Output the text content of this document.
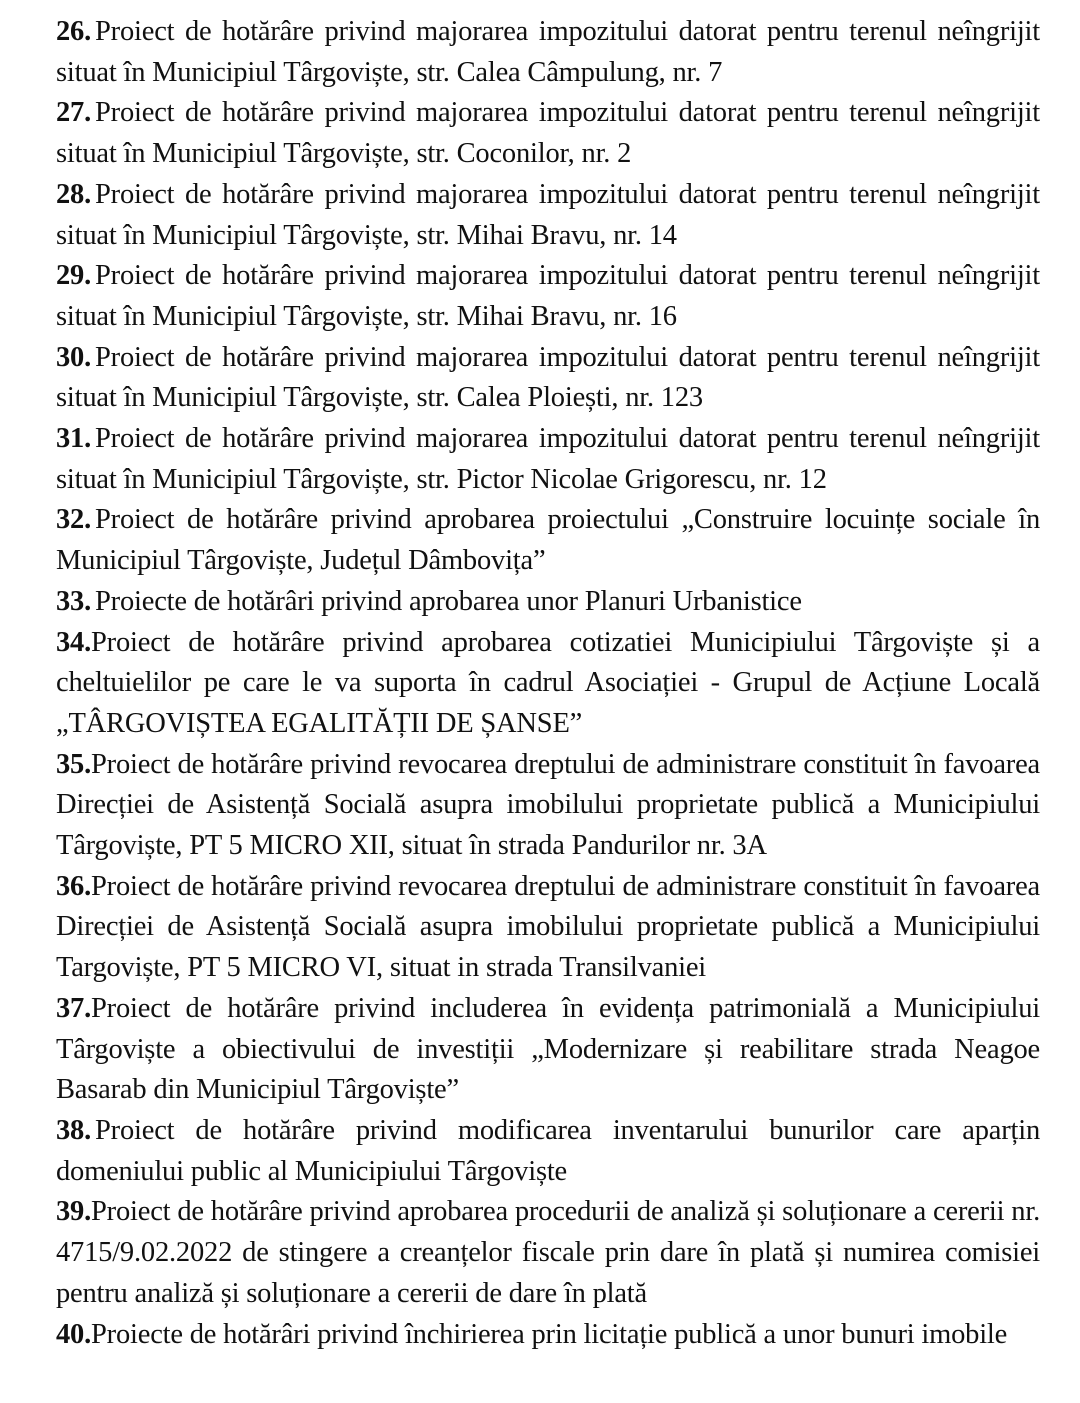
26. Proiect de hotărâre privind majorarea impozitului datorat pentru terenul neîngrijit situat în Municipiul Târgoviște, str. Calea Câmpulung, nr. 7

27. Proiect de hotărâre privind majorarea impozitului datorat pentru terenul neîngrijit situat în Municipiul Târgoviște, str. Coconilor, nr. 2

28. Proiect de hotărâre privind majorarea impozitului datorat pentru terenul neîngrijit situat în Municipiul Târgoviște, str. Mihai Bravu, nr. 14

29. Proiect de hotărâre privind majorarea impozitului datorat pentru terenul neîngrijit situat în Municipiul Târgoviște, str. Mihai Bravu, nr. 16

30. Proiect de hotărâre privind majorarea impozitului datorat pentru terenul neîngrijit situat în Municipiul Târgoviște, str. Calea Ploiești, nr. 123

31. Proiect de hotărâre privind majorarea impozitului datorat pentru terenul neîngrijit situat în Municipiul Târgoviște, str. Pictor Nicolae Grigorescu, nr. 12

32. Proiect de hotărâre privind aprobarea proiectului „Construire locuințe sociale în Municipiul Târgoviște, Județul Dâmbovița”

33. Proiecte de hotărâri privind aprobarea unor Planuri Urbanistice

34.Proiect de hotărâre privind aprobarea cotizatiei Municipiului Târgoviște și a cheltuielilor pe care le va suporta în cadrul Asociației - Grupul de Acțiune Locală „TÂRGOVIȘTEA EGALITĂȚII DE ȘANSE”

35.Proiect de hotărâre privind revocarea dreptului de administrare constituit în favoarea Direcției de Asistență Socială asupra imobilului proprietate publică a Municipiului Târgoviște, PT 5 MICRO XII, situat în strada Pandurilor nr. 3A

36.Proiect de hotărâre privind revocarea dreptului de administrare constituit în favoarea Direcției de Asistență Socială asupra imobilului proprietate publică a Municipiului Targoviște, PT 5 MICRO VI, situat in strada Transilvaniei

37.Proiect de hotărâre privind includerea în evidența patrimonială a Municipiului Târgoviște a obiectivului de investiții „Modernizare și reabilitare strada Neagoe Basarab din Municipiul Târgoviște”

38. Proiect de hotărâre privind modificarea inventarului bunurilor care aparțin domeniului public al Municipiului Târgoviște

39.Proiect de hotărâre privind aprobarea procedurii de analiză și soluționare a cererii nr. 4715/9.02.2022 de stingere a creanțelor fiscale prin dare în plată și numirea comisiei pentru analiză și soluționare a cererii de dare în plată

40.Proiecte de hotărâri privind închirierea prin licitație publică a unor bunuri imobile
